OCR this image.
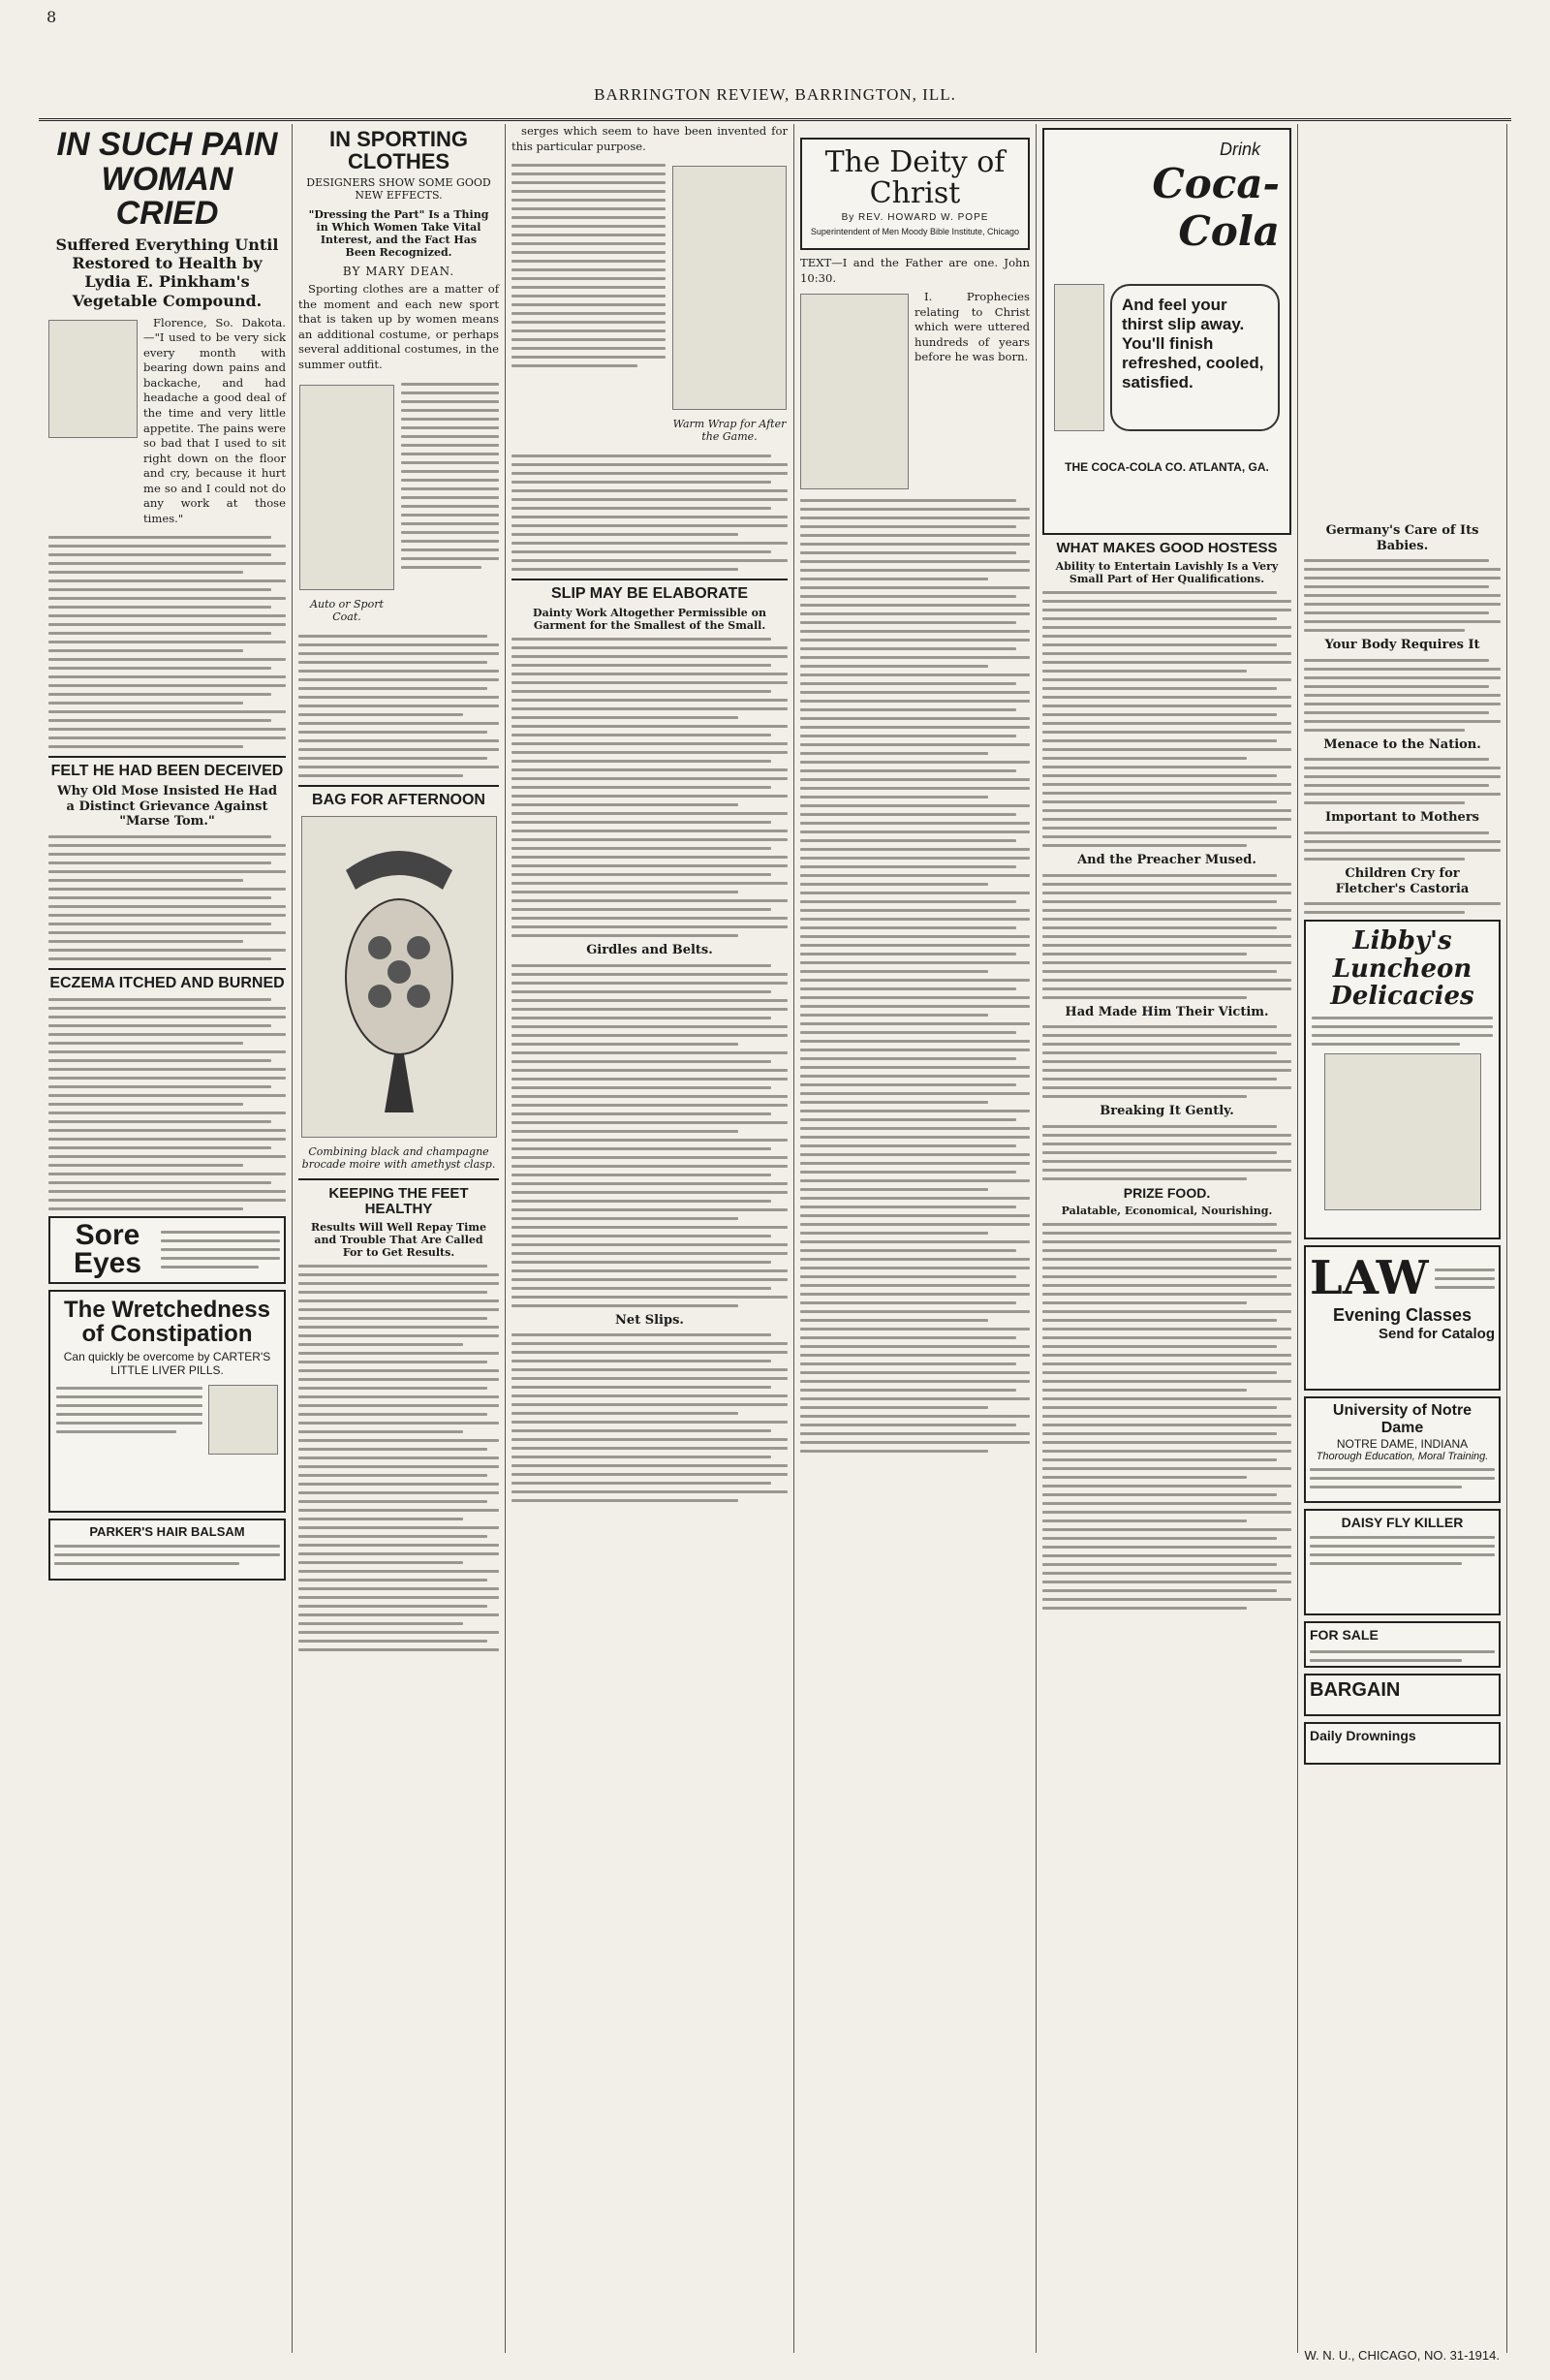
8
BARRINGTON REVIEW, BARRINGTON, ILL.
IN SUCH PAIN WOMAN CRIED
Suffered Everything Until Restored to Health by Lydia E. Pinkham's Vegetable Compound.
Florence, So. Dakota.—"I used to be very sick every month with bearing down pains and backache, and had headache a good deal of the time and very little appetite. The pains were so bad that I used to sit right down on the floor and cry, because it hurt me so and I could not do any work at those times."
FELT HE HAD BEEN DECEIVED
Why Old Mose Insisted He Had a Distinct Grievance Against "Marse Tom."
ECZEMA ITCHED AND BURNED
Sore Eyes
The Wretchedness of Constipation
Can quickly be overcome by CARTER'S LITTLE LIVER PILLS.
PARKER'S HAIR BALSAM
IN SPORTING CLOTHES
DESIGNERS SHOW SOME GOOD NEW EFFECTS.
"Dressing the Part" Is a Thing in Which Women Take Vital Interest, and the Fact Has Been Recognized.
BY MARY DEAN.
Sporting clothes are a matter of the moment and each new sport that is taken up by women means an additional costume, or perhaps several additional costumes, in the summer outfit.
Auto or Sport Coat.
BAG FOR AFTERNOON
Combining black and champagne brocade moire with amethyst clasp.
KEEPING THE FEET HEALTHY
Results Will Well Repay Time and Trouble That Are Called For to Get Results.
serges which seem to have been invented for this particular purpose.
Warm Wrap for After the Game.
SLIP MAY BE ELABORATE
Dainty Work Altogether Permissible on Garment for the Smallest of the Small.
Girdles and Belts.
Net Slips.
The Deity of Christ
By REV. HOWARD W. POPE
Superintendent of Men Moody Bible Institute, Chicago
TEXT—I and the Father are one. John 10:30.
I. Prophecies relating to Christ which were uttered hundreds of years before he was born.
Drink
Coca-Cola
And feel your thirst slip away. You'll finish refreshed, cooled, satisfied.
THE COCA-COLA CO. ATLANTA, GA.
WHAT MAKES GOOD HOSTESS
Ability to Entertain Lavishly Is a Very Small Part of Her Qualifications.
And the Preacher Mused.
Had Made Him Their Victim.
Breaking It Gently.
PRIZE FOOD.
Palatable, Economical, Nourishing.
Germany's Care of Its Babies.
Your Body Requires It
Menace to the Nation.
Important to Mothers
Children Cry for Fletcher's Castoria
Libby's Luncheon Delicacies
LAW
Evening Classes
Send for Catalog
University of Notre Dame
NOTRE DAME, INDIANA
Thorough Education, Moral Training.
DAISY FLY KILLER
FOR SALE
BARGAIN
Daily Drownings
W. N. U., CHICAGO, NO. 31-1914.
